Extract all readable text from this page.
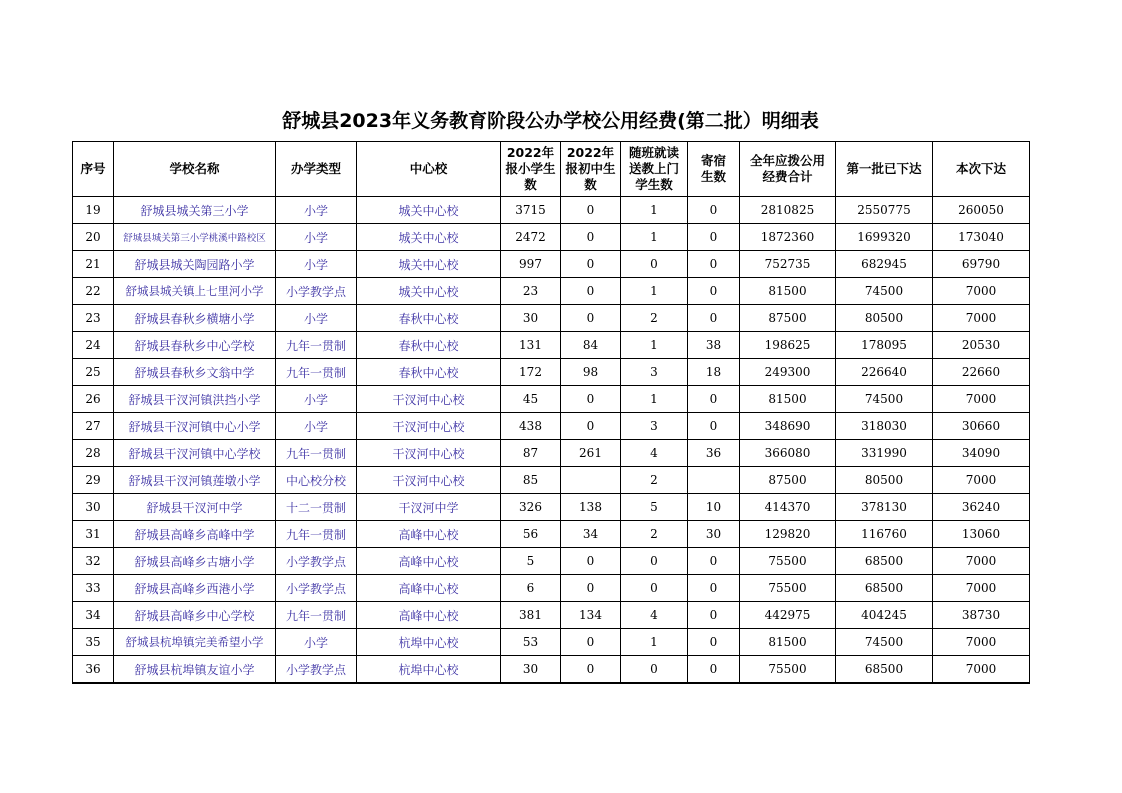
舒城县2023年义务教育阶段公办学校公用经费(第二批）明细表
序号	学校名称	办学类型	中心校	2022年报小学生数	2022年报初中生数	随班就读送教上门学生数	寄宿生数	全年应拨公用经费合计	第一批已下达	本次下达
19	舒城县城关第三小学	小学	城关中心校	3715	0	1	0	2810825	2550775	260050
20	舒城县城关第三小学桃溪中路校区	小学	城关中心校	2472	0	1	0	1872360	1699320	173040
21	舒城县城关陶园路小学	小学	城关中心校	997	0	0	0	752735	682945	69790
22	舒城县城关镇上七里河小学	小学教学点	城关中心校	23	0	1	0	81500	74500	7000
23	舒城县春秋乡横塘小学	小学	春秋中心校	30	0	2	0	87500	80500	7000
24	舒城县春秋乡中心学校	九年一贯制	春秋中心校	131	84	1	38	198625	178095	20530
25	舒城县春秋乡文翁中学	九年一贯制	春秋中心校	172	98	3	18	249300	226640	22660
26	舒城县干汊河镇洪挡小学	小学	干汊河中心校	45	0	1	0	81500	74500	7000
27	舒城县干汊河镇中心小学	小学	干汊河中心校	438	0	3	0	348690	318030	30660
28	舒城县干汊河镇中心学校	九年一贯制	干汊河中心校	87	261	4	36	366080	331990	34090
29	舒城县干汊河镇莲墩小学	中心校分校	干汊河中心校	85		2		87500	80500	7000
30	舒城县干汊河中学	十二一贯制	干汊河中学	326	138	5	10	414370	378130	36240
31	舒城县高峰乡高峰中学	九年一贯制	高峰中心校	56	34	2	30	129820	116760	13060
32	舒城县高峰乡古塘小学	小学教学点	高峰中心校	5	0	0	0	75500	68500	7000
33	舒城县高峰乡西港小学	小学教学点	高峰中心校	6	0	0	0	75500	68500	7000
34	舒城县高峰乡中心学校	九年一贯制	高峰中心校	381	134	4	0	442975	404245	38730
35	舒城县杭埠镇完美希望小学	小学	杭埠中心校	53	0	1	0	81500	74500	7000
36	舒城县杭埠镇友谊小学	小学教学点	杭埠中心校	30	0	0	0	75500	68500	7000
